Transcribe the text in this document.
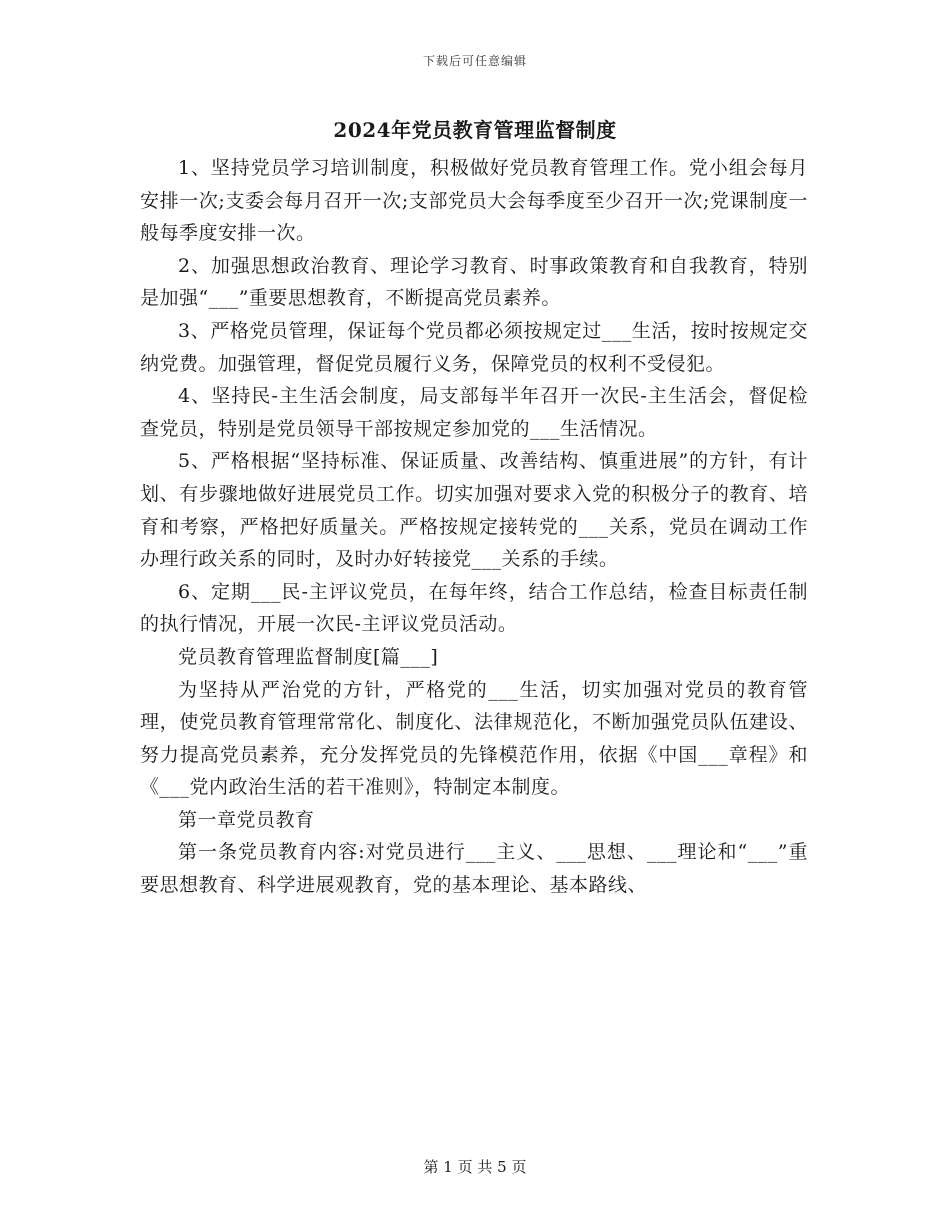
下载后可任意编辑
2024年党员教育管理监督制度

1、坚持党员学习培训制度，积极做好党员教育管理工作。党小组会每月安排一次;支委会每月召开一次;支部党员大会每季度至少召开一次;党课制度一般每季度安排一次。

2、加强思想政治教育、理论学习教育、时事政策教育和自我教育，特别是加强“___”重要思想教育，不断提高党员素养。

3、严格党员管理，保证每个党员都必须按规定过___生活，按时按规定交纳党费。加强管理，督促党员履行义务，保障党员的权利不受侵犯。

4、坚持民-主生活会制度，局支部每半年召开一次民-主生活会，督促检查党员，特别是党员领导干部按规定参加党的___生活情况。

5、严格根据“坚持标准、保证质量、改善结构、慎重进展”的方针，有计划、有步骤地做好进展党员工作。切实加强对要求入党的积极分子的教育、培育和考察，严格把好质量关。严格按规定接转党的___关系，党员在调动工作办理行政关系的同时，及时办好转接党___关系的手续。

6、定期___民-主评议党员，在每年终，结合工作总结，检查目标责任制的执行情况，开展一次民-主评议党员活动。

党员教育管理监督制度[篇___]

为坚持从严治党的方针，严格党的___生活，切实加强对党员的教育管理，使党员教育管理常常化、制度化、法律规范化，不断加强党员队伍建设、努力提高党员素养，充分发挥党员的先锋模范作用，依据《中国___章程》和《___党内政治生活的若干准则》，特制定本制度。

第一章党员教育

第一条党员教育内容:对党员进行___主义、___思想、___理论和“___”重要思想教育、科学进展观教育，党的基本理论、基本路线、

第 1 页 共 5 页
